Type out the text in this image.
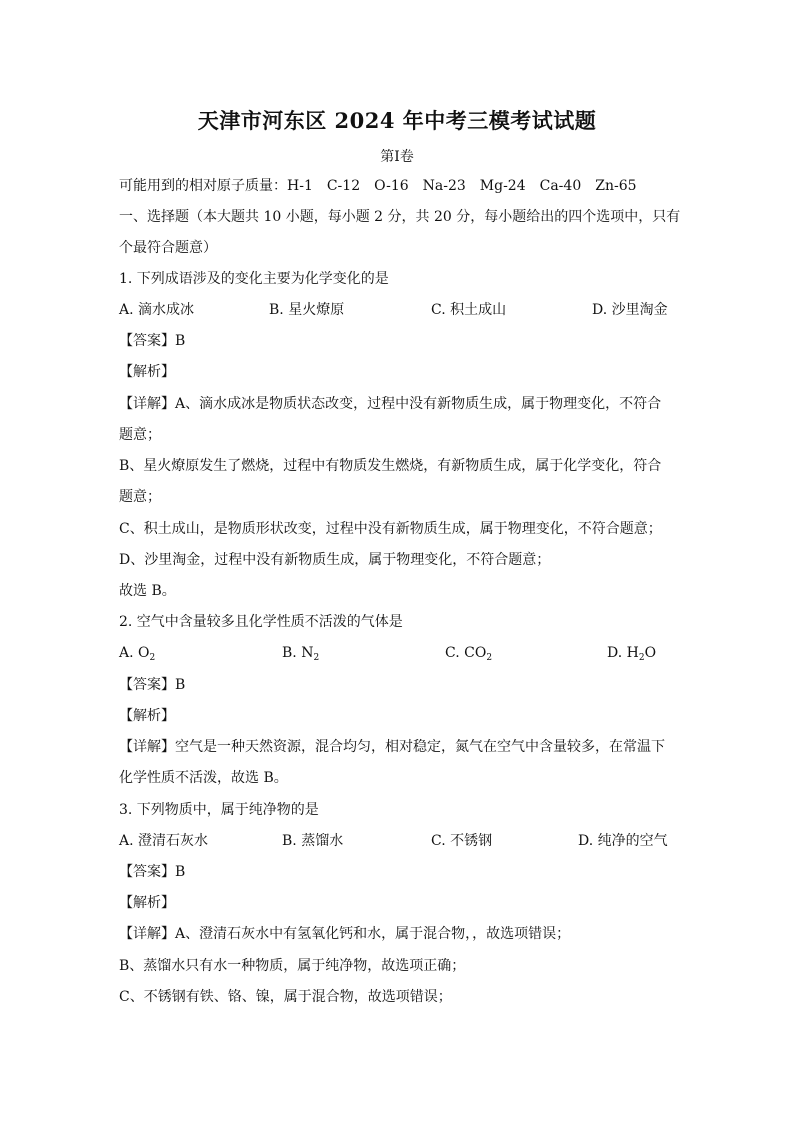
天津市河东区 2024 年中考三模考试试题
第Ⅰ卷
可能用到的相对原子质量：H-1　C-12　O-16　Na-23　Mg-24　Ca-40　Zn-65
一、选择题（本大题共 10 小题，每小题 2 分，共 20 分，每小题给出的四个选项中，只有
个最符合题意）
1. 下列成语涉及的变化主要为化学变化的是
A. 滴水成冰	B. 星火燎原	C. 积土成山	D. 沙里淘金
【答案】B
【解析】
【详解】A、滴水成冰是物质状态改变，过程中没有新物质生成，属于物理变化，不符合
题意；
B、星火燎原发生了燃烧，过程中有物质发生燃烧，有新物质生成，属于化学变化，符合
题意；
C、积土成山，是物质形状改变，过程中没有新物质生成，属于物理变化，不符合题意；
D、沙里淘金，过程中没有新物质生成，属于物理变化，不符合题意；
故选 B。
2. 空气中含量较多且化学性质不活泼的气体是
A. $O_2$	B. $N_2$	C. $CO_2$	D. $H_2O$
【答案】B
【解析】
【详解】空气是一种天然资源，混合均匀，相对稳定，氮气在空气中含量较多，在常温下
化学性质不活泼，故选 B。
3. 下列物质中，属于纯净物的是
A. 澄清石灰水	B. 蒸馏水	C. 不锈钢	D. 纯净的空气
【答案】B
【解析】
【详解】A、澄清石灰水中有氢氧化钙和水，属于混合物，，故选项错误；
B、蒸馏水只有水一种物质，属于纯净物，故选项正确；
C、不锈钢有铁、铬、镍，属于混合物，故选项错误；
